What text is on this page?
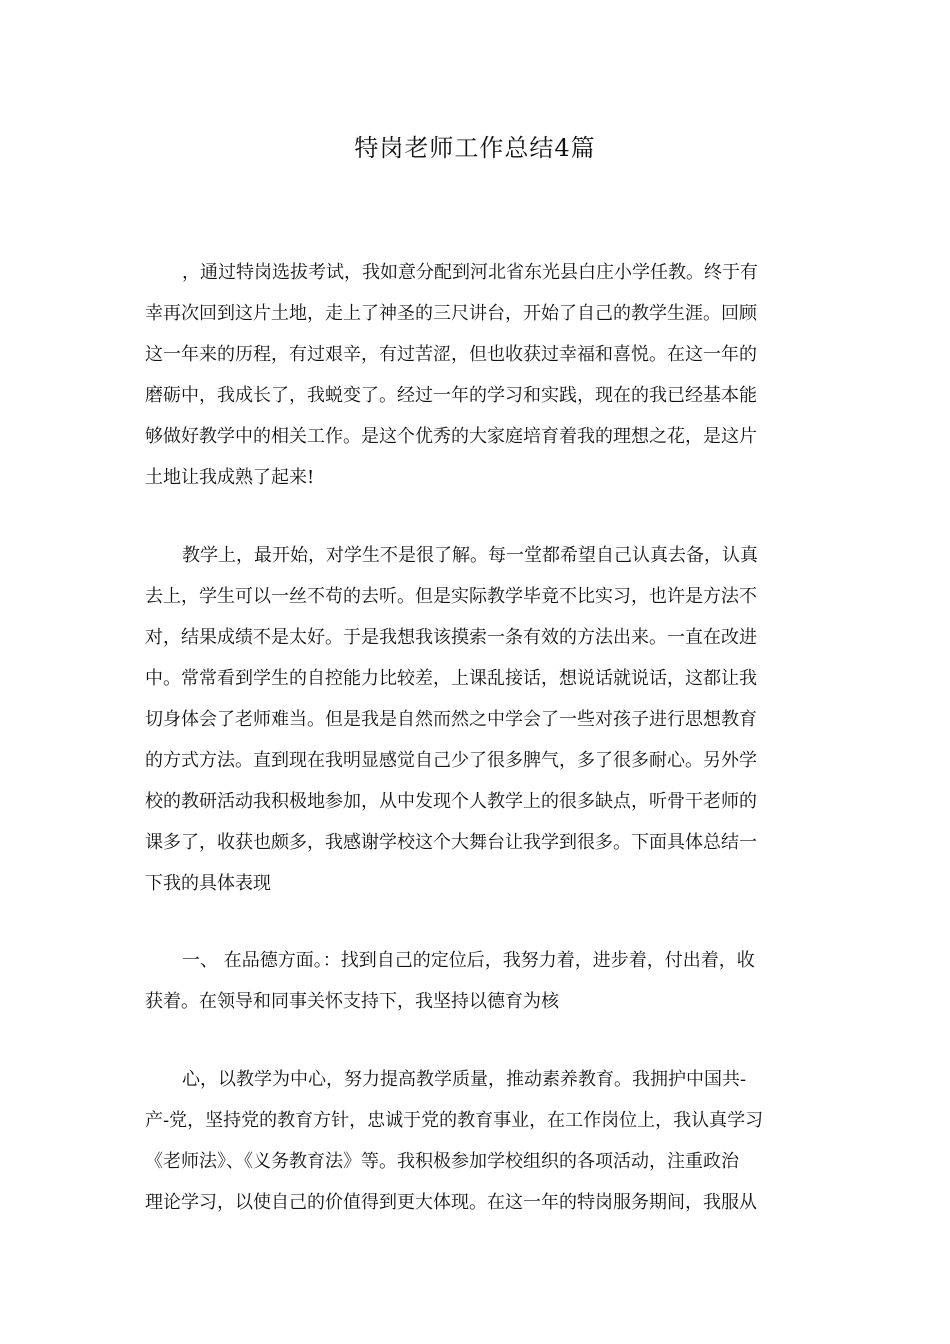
特岗老师工作总结4篇
，通过特岗选拔考试，我如意分配到河北省东光县白庄小学任教。终于有
幸再次回到这片土地，走上了神圣的三尺讲台，开始了自己的教学生涯。回顾
这一年来的历程，有过艰辛，有过苦涩，但也收获过幸福和喜悦。在这一年的
磨砺中，我成长了，我蜕变了。经过一年的学习和实践，现在的我已经基本能
够做好教学中的相关工作。是这个优秀的大家庭培育着我的理想之花，是这片
土地让我成熟了起来!
教学上，最开始，对学生不是很了解。每一堂都希望自己认真去备，认真
去上，学生可以一丝不苟的去听。但是实际教学毕竟不比实习，也许是方法不
对，结果成绩不是太好。于是我想我该摸索一条有效的方法出来。一直在改进
中。常常看到学生的自控能力比较差，上课乱接话，想说话就说话，这都让我
切身体会了老师难当。但是我是自然而然之中学会了一些对孩子进行思想教育
的方式方法。直到现在我明显感觉自己少了很多脾气，多了很多耐心。另外学
校的教研活动我积极地参加，从中发现个人教学上的很多缺点，听骨干老师的
课多了，收获也颇多，我感谢学校这个大舞台让我学到很多。下面具体总结一
下我的具体表现
一、 在品德方面。：找到自己的定位后，我努力着，进步着，付出着，收
获着。在领导和同事关怀支持下，我坚持以德育为核
心，以教学为中心，努力提高教学质量，推动素养教育。我拥护中国共-
产-党，坚持党的教育方针，忠诚于党的教育事业，在工作岗位上，我认真学习
《老师法》、《义务教育法》等。我积极参加学校组织的各项活动，注重政治
理论学习，以使自己的价值得到更大体现。在这一年的特岗服务期间，我服从
